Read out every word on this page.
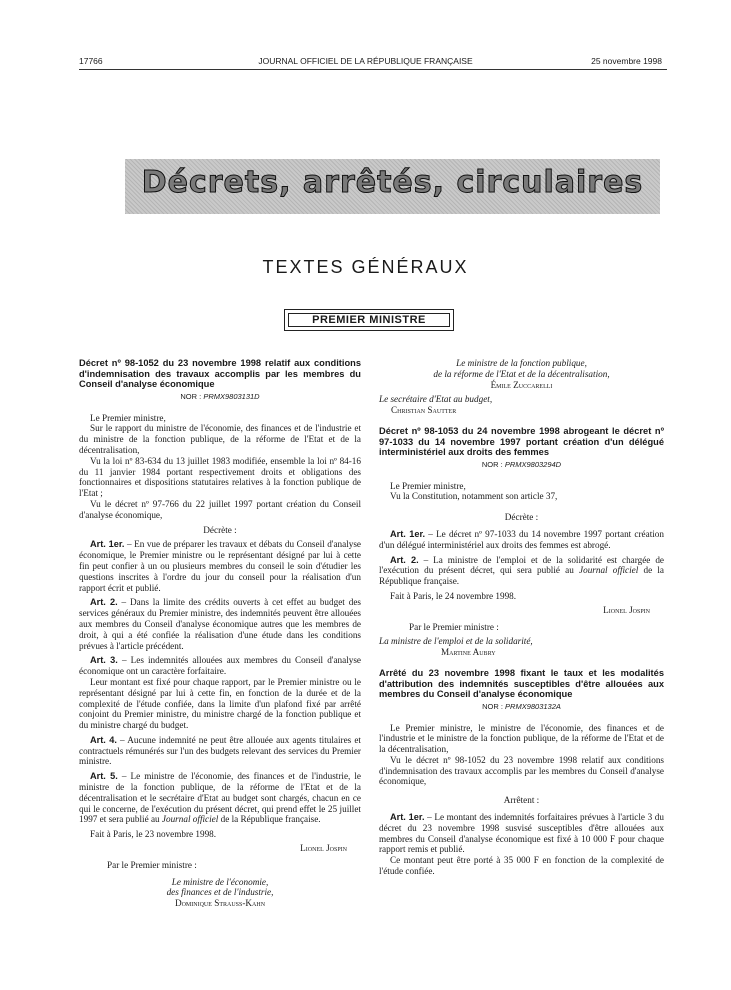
17766	JOURNAL OFFICIEL DE LA RÉPUBLIQUE FRANÇAISE	25 novembre 1998
Décrets, arrêtés, circulaires
TEXTES GÉNÉRAUX
PREMIER MINISTRE

Décret nº 98-1052 du 23 novembre 1998 relatif aux conditions d'indemnisation des travaux accomplis par les membres du Conseil d'analyse économique

NOR : PRMX9803131D

Le Premier ministre,

Sur le rapport du ministre de l'économie, des finances et de l'industrie et du ministre de la fonction publique, de la réforme de l'Etat et de la décentralisation,

Vu la loi nº 83-634 du 13 juillet 1983 modifiée, ensemble la loi nº 84-16 du 11 janvier 1984 portant respectivement droits et obligations des fonctionnaires et dispositions statutaires relatives à la fonction publique de l'Etat ;

Vu le décret nº 97-766 du 22 juillet 1997 portant création du Conseil d'analyse économique,

Décrète :

Art. 1er. – En vue de préparer les travaux et débats du Conseil d'analyse économique, le Premier ministre ou le représentant désigné par lui à cette fin peut confier à un ou plusieurs membres du conseil le soin d'étudier les questions inscrites à l'ordre du jour du conseil pour la réalisation d'un rapport écrit et publié.

Art. 2. – Dans la limite des crédits ouverts à cet effet au budget des services généraux du Premier ministre, des indemnités peuvent être allouées aux membres du Conseil d'analyse économique autres que les membres de droit, à qui a été confiée la réalisation d'une étude dans les conditions prévues à l'article précédent.

Art. 3. – Les indemnités allouées aux membres du Conseil d'analyse économique ont un caractère forfaitaire.

Leur montant est fixé pour chaque rapport, par le Premier ministre ou le représentant désigné par lui à cette fin, en fonction de la durée et de la complexité de l'étude confiée, dans la limite d'un plafond fixé par arrêté conjoint du Premier ministre, du ministre chargé de la fonction publique et du ministre chargé du budget.

Art. 4. – Aucune indemnité ne peut être allouée aux agents titulaires et contractuels rémunérés sur l'un des budgets relevant des services du Premier ministre.

Art. 5. – Le ministre de l'économie, des finances et de l'industrie, le ministre de la fonction publique, de la réforme de l'Etat et de la décentralisation et le secrétaire d'Etat au budget sont chargés, chacun en ce qui le concerne, de l'exécution du présent décret, qui prend effet le 25 juillet 1997 et sera publié au Journal officiel de la République française.

Fait à Paris, le 23 novembre 1998.

Lionel Jospin

Par le Premier ministre :

Le ministre de l'économie,

des finances et de l'industrie,

Dominique Strauss-Kahn

Le ministre de la fonction publique,

de la réforme de l'Etat et de la décentralisation,

Émile Zuccarelli

Le secrétaire d'Etat au budget,

Christian Sautter

Décret nº 98-1053 du 24 novembre 1998 abrogeant le décret nº 97-1033 du 14 novembre 1997 portant création d'un délégué interministériel aux droits des femmes

NOR : PRMX9803294D

Le Premier ministre,

Vu la Constitution, notamment son article 37,

Décrète :

Art. 1er. – Le décret nº 97-1033 du 14 novembre 1997 portant création d'un délégué interministériel aux droits des femmes est abrogé.

Art. 2. – La ministre de l'emploi et de la solidarité est chargée de l'exécution du présent décret, qui sera publié au Journal officiel de la République française.

Fait à Paris, le 24 novembre 1998.

Lionel Jospin

Par le Premier ministre :

La ministre de l'emploi et de la solidarité,

Martine Aubry

Arrêté du 23 novembre 1998 fixant le taux et les modalités d'attribution des indemnités susceptibles d'être allouées aux membres du Conseil d'analyse économique

NOR : PRMX9803132A

Le Premier ministre, le ministre de l'économie, des finances et de l'industrie et le ministre de la fonction publique, de la réforme de l'Etat et de la décentralisation,

Vu le décret nº 98-1052 du 23 novembre 1998 relatif aux conditions d'indemnisation des travaux accomplis par les membres du Conseil d'analyse économique,

Arrêtent :

Art. 1er. – Le montant des indemnités forfaitaires prévues à l'article 3 du décret du 23 novembre 1998 susvisé susceptibles d'être allouées aux membres du Conseil d'analyse économique est fixé à 10 000 F pour chaque rapport remis et publié.

Ce montant peut être porté à 35 000 F en fonction de la complexité de l'étude confiée.
